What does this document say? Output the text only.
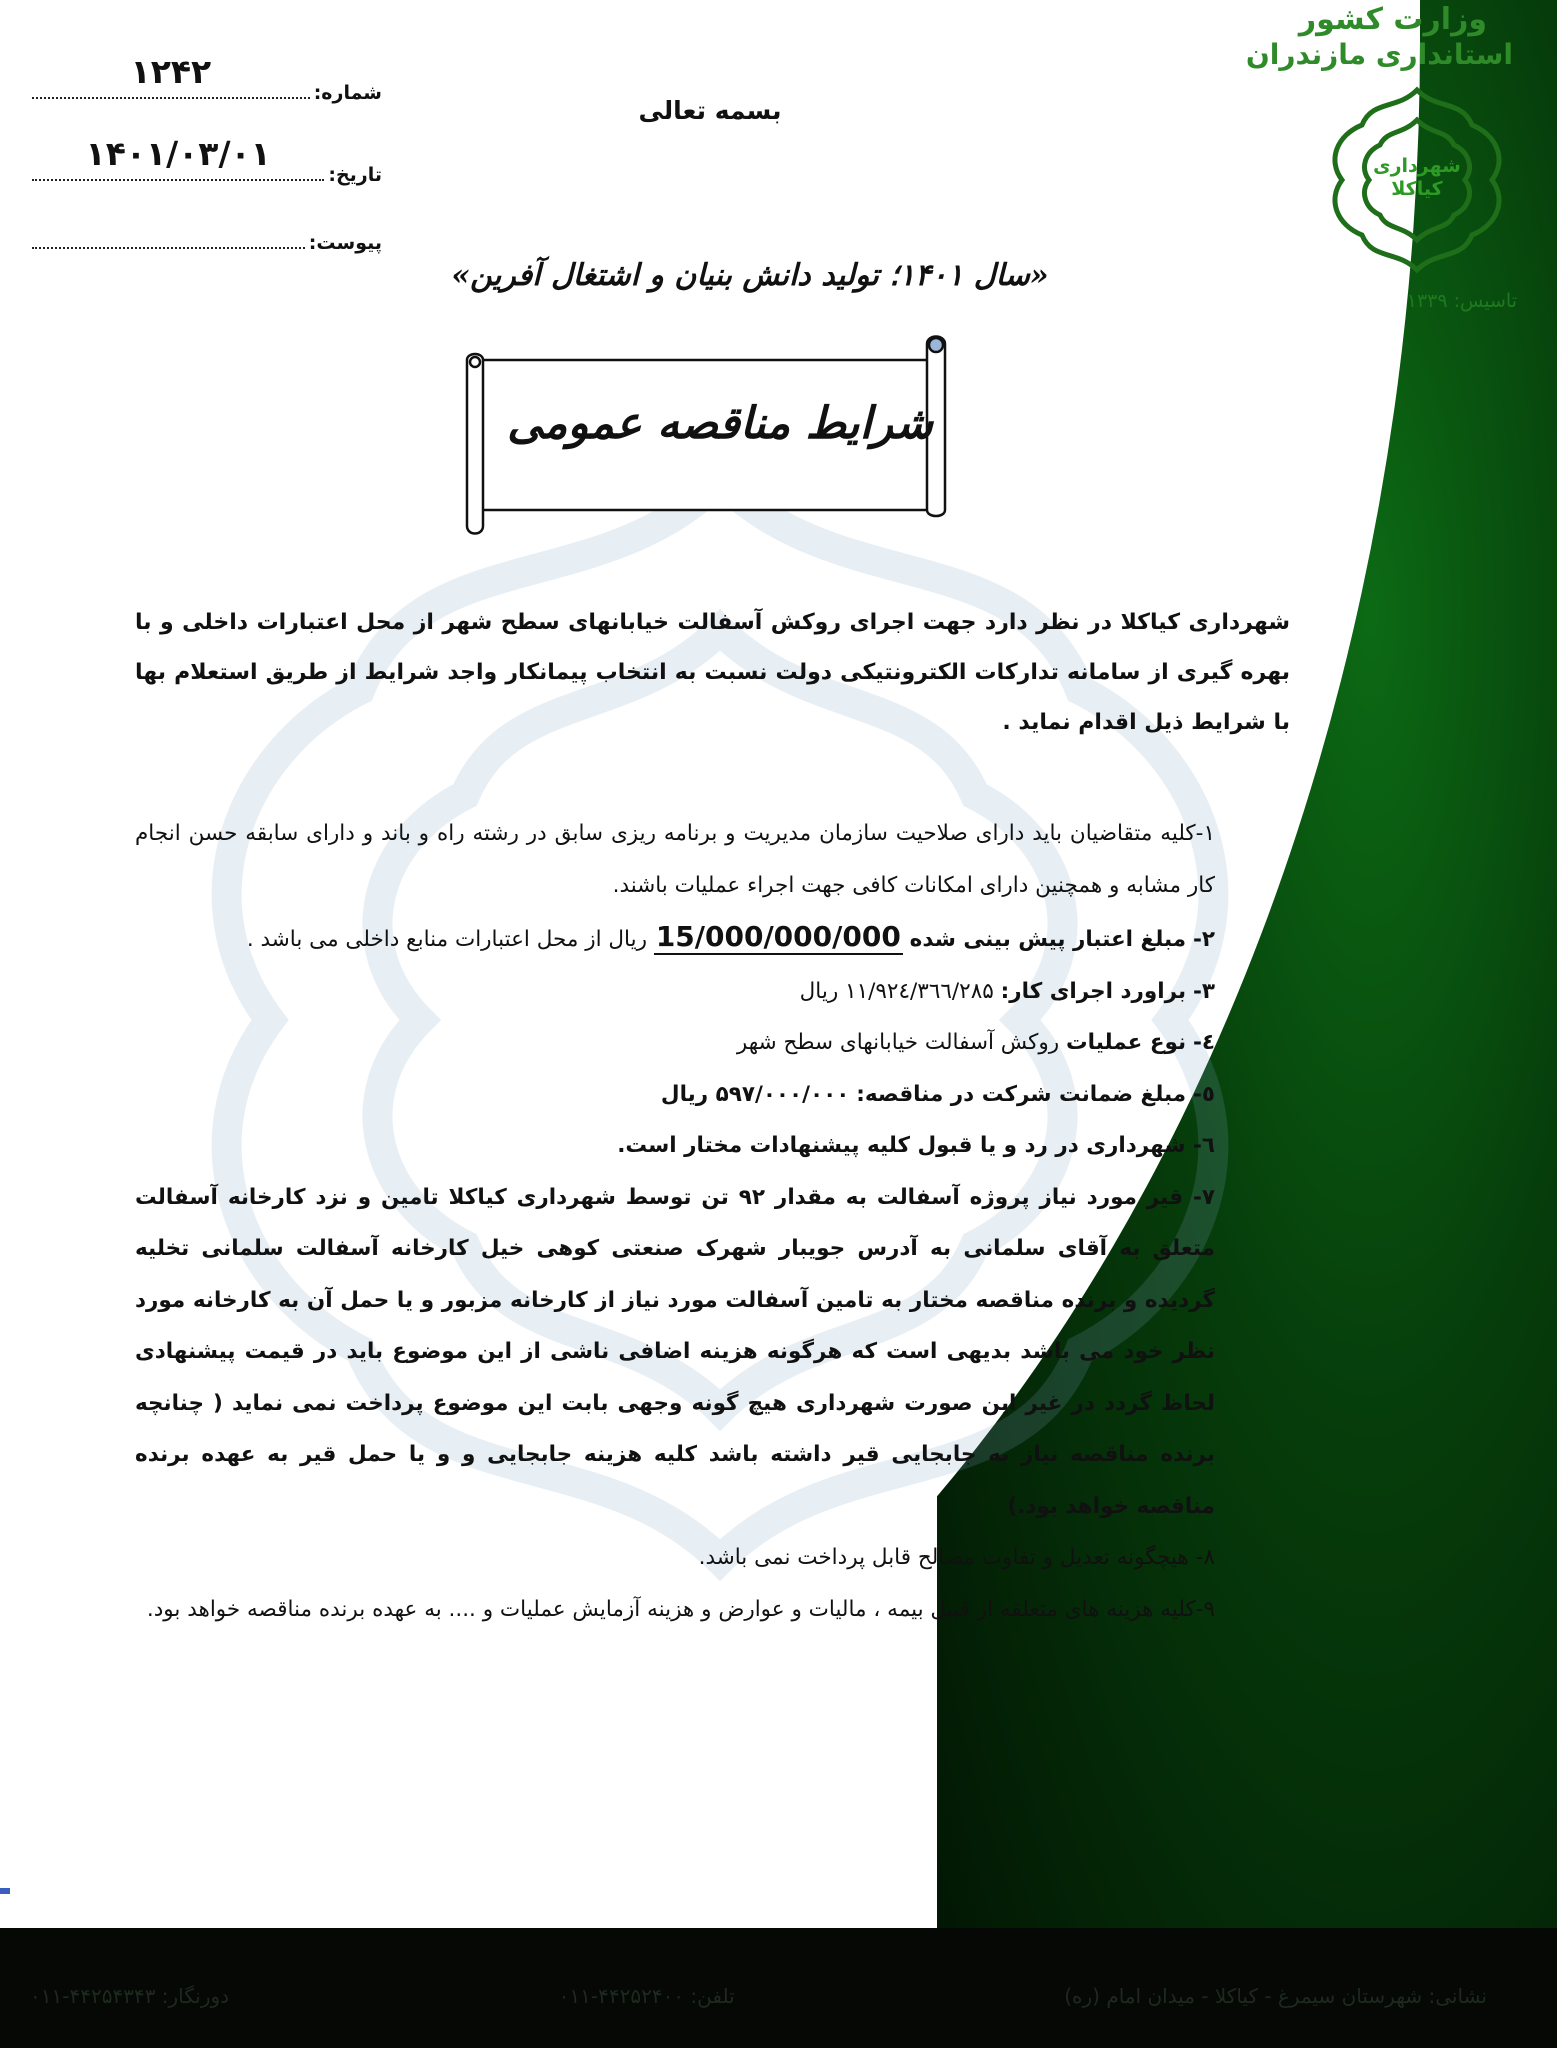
وزارت کشور
استانداری مازندران
شهرداری
کیاکلا
تاسیس: ۱۳۳۹
شماره:
۱۲۴۲
تاریخ:
۱۴۰۱/۰۳/۰۱
پیوست:
بسمه تعالی
«سال ۱۴۰۱؛ تولید دانش بنیان و اشتغال آفرین»
شرایط مناقصه عمومی
شهرداری کیاکلا در نظر دارد جهت اجرای روکش آسفالت خیابانهای سطح شهر از محل اعتبارات داخلی و با بهره گیری از سامانه تدارکات الکترونتیکی دولت نسبت به انتخاب پیمانکار واجد شرایط از طریق استعلام بها با شرایط ذیل اقدام نماید .
۱-کلیه متقاضیان باید دارای صلاحیت سازمان مدیریت و برنامه ریزی سابق در رشته راه و باند و دارای سابقه حسن انجام کار مشابه و همچنین دارای امکانات کافی جهت اجراء عملیات باشند.
۲- مبلغ اعتبار پیش بینی شده 15/000/000/000 ریال از محل اعتبارات منابع داخلی می باشد .
۳- براورد اجرای کار: ۱۱/۹۲٤/۳٦٦/۲۸۵ ریال
٤- نوع عملیات روکش آسفالت خیابانهای سطح شهر
٥- مبلغ ضمانت شرکت در مناقصه: ۵۹۷/۰۰۰/۰۰۰ ریال
٦- شهرداری در رد و یا قبول کلیه پیشنهادات مختار است.
۷- قیر مورد نیاز پروژه آسفالت به مقدار ۹۲ تن توسط شهرداری کیاکلا تامین و نزد کارخانه آسفالت متعلق به آقای سلمانی به آدرس جویبار شهرک صنعتی کوهی خیل کارخانه آسفالت سلمانی تخلیه گردیده و برنده مناقصه مختار به تامین آسفالت مورد نیاز از کارخانه مزبور و یا حمل آن به کارخانه مورد نظر خود می باشد بدیهی است که هرگونه هزینه اضافی ناشی از این موضوع باید در قیمت پیشنهادی لحاظ گردد در غیر این صورت شهرداری هیچ گونه وجهی بابت این موضوع پرداخت نمی نماید ( چنانچه برنده مناقصه نیاز به جابجایی قیر داشته باشد کلیه هزینه جابجایی و و یا حمل قیر به عهده برنده مناقصه خواهد بود.)
۸- هیچگونه تعدیل و تفاوت مصالح قابل پرداخت نمی باشد.
۹-کلیه هزینه های متعلقه از قبیل بیمه ، مالیات و عوارض و هزینه آزمایش عملیات و .... به عهده برنده مناقصه خواهد بود.
نشانی: شهرستان سیمرغ - کیاکلا - میدان امام (ره)
تلفن: ۴۴۲۵۲۴۰۰-۰۱۱
دورنگار: ۴۴۲۵۴۳۴۳-۰۱۱
